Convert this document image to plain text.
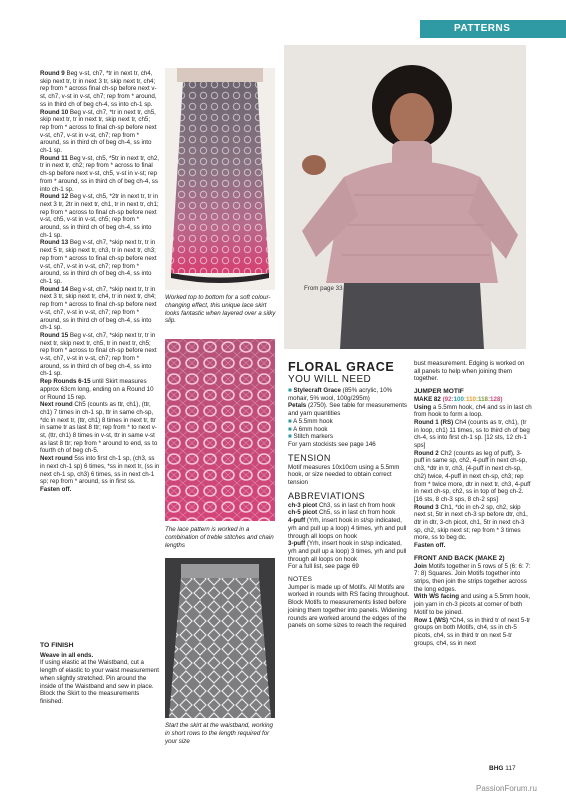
PATTERNS

Round 9 Beg v-st, ch7, *tr in next tr, ch4, skip next tr, tr in next 3 tr, skip next tr, ch4; rep from * across final ch-sp before next v-st, ch7, v-st in v-st, ch7; rep from * around, ss in third ch of beg ch-4, ss into ch-1 sp.

Round 10 Beg v-st, ch7, *tr in next tr, ch5, skip next tr, tr in next tr, skip next tr, ch5; rep from * across to final ch-sp before next v-st, ch7, v-st in v-st, ch7; rep from * around, ss in third ch of beg ch-4, ss into ch-1 sp.

Round 11 Beg v-st, ch5, *5tr in next tr, ch2, tr in next tr, ch2; rep from * across to final ch-sp before next v-st, ch5, v-st in v-st; rep from * around, ss in third ch of beg ch-4, ss into ch-1 sp.

Round 12 Beg v-st, ch5, *2tr in next tr, tr in next 3 tr, 2tr in next tr, ch1, tr in next tr, ch1; rep from * across to final ch-sp before next v-st, ch5, v-st in v-st, ch5; rep from * around, ss in third ch of beg ch-4, ss into ch-1 sp.

Round 13 Beg v-st, ch7, *skip next tr, tr in next 5 tr, skip next tr, ch3, tr in next tr, ch3; rep from * across to final ch-sp before next v-st, ch7, v-st in v-st, ch7; rep from * around, ss in third ch of beg ch-4, ss into ch-1 sp.

Round 14 Beg v-st, ch7, *skip next tr, tr in next 3 tr, skip next tr, ch4, tr in next tr, ch4; rep from * across to final ch-sp before next v-st, ch7, v-st in v-st, ch7; rep from * around, ss in third ch of beg ch-4, ss into ch-1 sp.

Round 15 Beg v-st, ch7, *skip next tr, tr in next tr, skip next tr, ch5, tr in next tr, ch5; rep from * across to final ch-sp before next v-st, ch7, v-st in v-st, ch7; rep from * around, ss in third ch of beg ch-4, ss into ch-1 sp.

Rep Rounds 6-15 until Skirt measures approx 63cm long, ending on a Round 10 or Round 15 rep.

Next round Ch5 (counts as ttr, ch1), (ttr, ch1) 7 times in ch-1 sp, ttr in same ch-sp, *dc in next tr, (ttr, ch1) 8 times in next tr, ttr in same tr as last 8 ttr; rep from * to next v-st, (ttr, ch1) 8 times in v-st, ttr in same v-st as last 8 ttr; rep from * around to end, ss to fourth ch of beg ch-5.

Next round 5ss into first ch-1 sp, (ch3, ss in next ch-1 sp) 6 times, *ss in next tr, (ss in next ch-1 sp, ch3) 6 times, ss in next ch-1 sp; rep from * around, ss in first ss.

Fasten off.

TO FINISH

Weave in all ends.

If using elastic at the Waistband, cut a length of elastic to your waist measurement when slightly stretched. Pin around the inside of the Waistband and sew in place. Block the Skirt to the measurements finished.

Worked top to bottom for a soft colour-changing effect, this unique lace skirt looks fantastic when layered over a silky slip.
The lace pattern is worked in a combination of treble stitches and chain lengths
Start the skirt at the waistband, working in short rows to the length required for your size
From page 33
FLORAL GRACE
YOU WILL NEED

■ Stylecraft Grace (85% acrylic, 10% mohair, 5% wool, 100g/295m)

Petals (2750). See table for measurements and yarn quantities

■ A 5.5mm hook

■ A 6mm hook

■ Stitch markers

For yarn stockists see page 146

TENSION

Motif measures 10x10cm using a 5.5mm hook, or size needed to obtain correct tension

ABBREVIATIONS

ch-3 picot Ch3, ss in last ch from hook

ch-5 picot Ch5, ss in last ch from hook

4-puff (Yrh, insert hook in st/sp indicated, yrh and pull up a loop) 4 times, yrh and pull through all loops on hook

3-puff (Yrh, insert hook in st/sp indicated, yrh and pull up a loop) 3 times, yrh and pull through all loops on hook

For a full list, see page 69

NOTES

Jumper is made up of Motifs. All Motifs are worked in rounds with RS facing throughout. Block Motifs to measurements listed before joining them together into panels. Widening rounds are worked around the edges of the panels on some sizes to reach the required

bust measurement. Edging is worked on all panels to help when joining them together.

JUMPER MOTIF

MAKE 82 (92:100:110:118:128)

Using a 5.5mm hook, ch4 and ss in last ch from hook to form a loop.

Round 1 (RS) Ch4 (counts as tr, ch1), (tr in loop, ch1) 11 times, ss to third ch of beg ch-4, ss into first ch-1 sp. [12 sts, 12 ch-1 sps]

Round 2 Ch2 (counts as leg of puff), 3-puff in same sp, ch2, 4-puff in next ch-sp, ch3, *dtr in tr, ch3, (4-puff in next ch-sp, ch2) twice, 4-puff in next ch-sp, ch3; rep from * twice more, dtr in next tr, ch3, 4-puff in next ch-sp, ch2, ss in top of beg ch-2. [16 sts, 8 ch-3 sps, 8 ch-2 sps]

Round 3 Ch1, *dc in ch-2 sp, ch2, skip next st, 5tr in next ch-3 sp before dtr, ch1, dtr in dtr, 3-ch picot, ch1, 5tr in next ch-3 sp, ch2, skip next st; rep from * 3 times more, ss to beg dc.

Fasten off.

FRONT AND BACK (MAKE 2)

Join Motifs together in 5 rows of 5 (6: 6: 7: 7: 8) Squares. Join Motifs together into strips, then join the strips together across the long edges.

With WS facing and using a 5.5mm hook, join yarn in ch-3 picots at corner of both Motif to be joined.

Row 1 (WS) *Ch4, ss in third tr of next 5-tr groups on both Motifs, ch4, ss in ch-5 picots, ch4, ss in third tr on next 5-tr groups, ch4, ss in next

BHG 117
PassionForum.ru
